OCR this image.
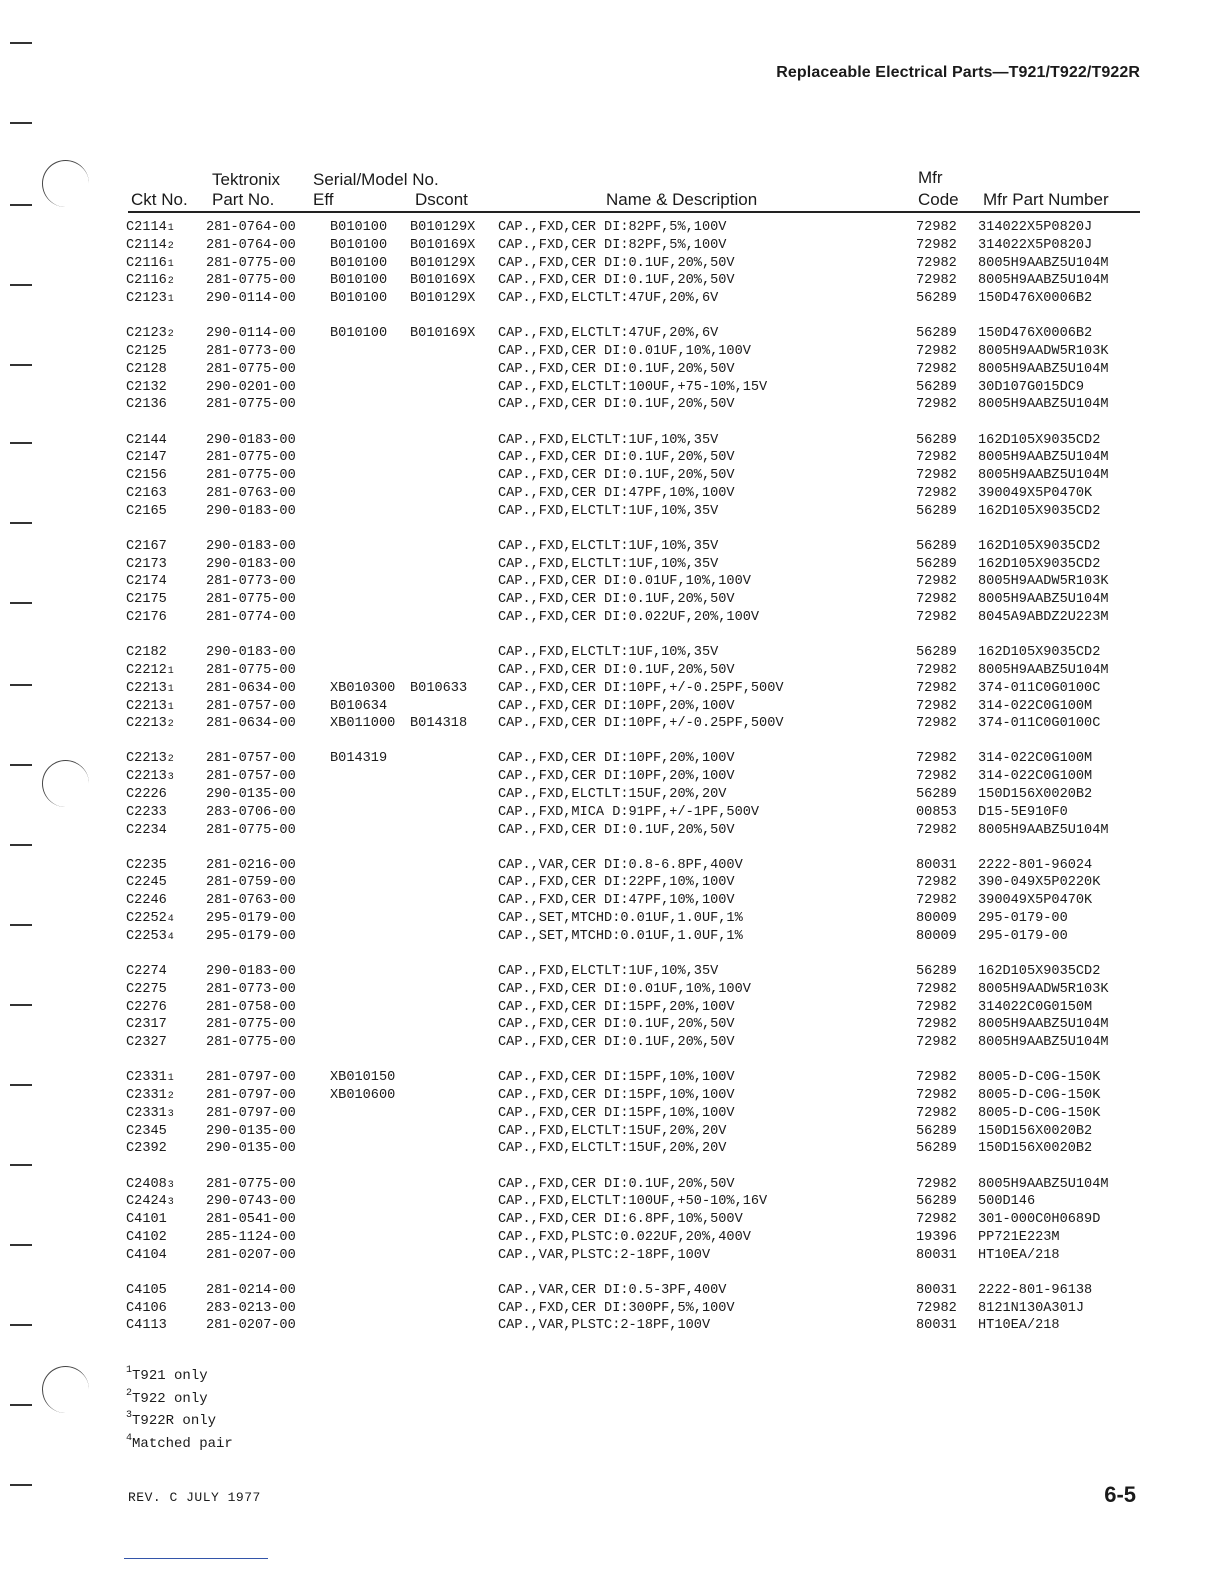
Replaceable Electrical Parts—T921/T922/T922R
Tektronix Serial/Model No.	Mfr
Ckt No. Part No. Eff	Dscont	Name & Description	Code Mfr Part Number
C21141 281-0764-00	B010100 B010129X CAP.,FXD,CER DI:82PF,5%,100V	72982 314022X5P0820J
C21142 281-0764-00	B010100 B010169X CAP.,FXD,CER DI:82PF,5%,100V	72982 314022X5P0820J
C21161 281-0775-00	B010100 B010129X CAP.,FXD,CER DI:0.1UF,20%,50V	72982 8005H9AABZ5U104M
C21162 281-0775-00	B010100 B010169X CAP.,FXD,CER DI:0.1UF,20%,50V	72982 8005H9AABZ5U104M
C21231 290-0114-00	B010100 B010129X CAP.,FXD,ELCTLT:47UF,20%,6V	56289 150D476X0006B2
C21232 290-0114-00	B010100 B010169X CAP.,FXD,ELCTLT:47UF,20%,6V	56289 150D476X0006B2
C2125	281-0773-00	CAP.,FXD,CER DI:0.01UF,10%,100V	72982 8005H9AADW5R103K
C2128	281-0775-00	CAP.,FXD,CER DI:0.1UF,20%,50V	72982 8005H9AABZ5U104M
C2132	290-0201-00	CAP.,FXD,ELCTLT:100UF,+75-10%,15V	56289 30D107G015DC9
C2136	281-0775-00	CAP.,FXD,CER DI:0.1UF,20%,50V	72982 8005H9AABZ5U104M
C2144	290-0183-00	CAP.,FXD,ELCTLT:1UF,10%,35V	56289 162D105X9035CD2
C2147	281-0775-00	CAP.,FXD,CER DI:0.1UF,20%,50V	72982 8005H9AABZ5U104M
C2156	281-0775-00	CAP.,FXD,CER DI:0.1UF,20%,50V	72982 8005H9AABZ5U104M
C2163	281-0763-00	CAP.,FXD,CER DI:47PF,10%,100V	72982 390049X5P0470K
C2165	290-0183-00	CAP.,FXD,ELCTLT:1UF,10%,35V	56289 162D105X9035CD2
C2167	290-0183-00	CAP.,FXD,ELCTLT:1UF,10%,35V	56289 162D105X9035CD2
C2173	290-0183-00	CAP.,FXD,ELCTLT:1UF,10%,35V	56289 162D105X9035CD2
C2174	281-0773-00	CAP.,FXD,CER DI:0.01UF,10%,100V	72982 8005H9AADW5R103K
C2175	281-0775-00	CAP.,FXD,CER DI:0.1UF,20%,50V	72982 8005H9AABZ5U104M
C2176	281-0774-00	CAP.,FXD,CER DI:0.022UF,20%,100V	72982 8045A9ABDZ2U223M
C2182	290-0183-00	CAP.,FXD,ELCTLT:1UF,10%,35V	56289 162D105X9035CD2
C22121 281-0775-00	CAP.,FXD,CER DI:0.1UF,20%,50V	72982 8005H9AABZ5U104M
C22131 281-0634-00	XB010300 B010633 CAP.,FXD,CER DI:10PF,+/-0.25PF,500V	72982 374-011C0G0100C
C22131 281-0757-00	B010634	CAP.,FXD,CER DI:10PF,20%,100V	72982 314-022C0G100M
C22132 281-0634-00	XB011000 B014318 CAP.,FXD,CER DI:10PF,+/-0.25PF,500V	72982 374-011C0G0100C
C22132 281-0757-00	B014319	CAP.,FXD,CER DI:10PF,20%,100V	72982 314-022C0G100M
C22133 281-0757-00	CAP.,FXD,CER DI:10PF,20%,100V	72982 314-022C0G100M
C2226	290-0135-00	CAP.,FXD,ELCTLT:15UF,20%,20V	56289 150D156X0020B2
C2233	283-0706-00	CAP.,FXD,MICA D:91PF,+/-1PF,500V	00853 D15-5E910F0
C2234	281-0775-00	CAP.,FXD,CER DI:0.1UF,20%,50V	72982 8005H9AABZ5U104M
C2235	281-0216-00	CAP.,VAR,CER DI:0.8-6.8PF,400V	80031 2222-801-96024
C2245	281-0759-00	CAP.,FXD,CER DI:22PF,10%,100V	72982 390-049X5P0220K
C2246	281-0763-00	CAP.,FXD,CER DI:47PF,10%,100V	72982 390049X5P0470K
C22524 295-0179-00	CAP.,SET,MTCHD:0.01UF,1.0UF,1%	80009 295-0179-00
C22534 295-0179-00	CAP.,SET,MTCHD:0.01UF,1.0UF,1%	80009 295-0179-00
C2274	290-0183-00	CAP.,FXD,ELCTLT:1UF,10%,35V	56289 162D105X9035CD2
C2275	281-0773-00	CAP.,FXD,CER DI:0.01UF,10%,100V	72982 8005H9AADW5R103K
C2276	281-0758-00	CAP.,FXD,CER DI:15PF,20%,100V	72982 314022C0G0150M
C2317	281-0775-00	CAP.,FXD,CER DI:0.1UF,20%,50V	72982 8005H9AABZ5U104M
C2327	281-0775-00	CAP.,FXD,CER DI:0.1UF,20%,50V	72982 8005H9AABZ5U104M
C23311 281-0797-00	XB010150	CAP.,FXD,CER DI:15PF,10%,100V	72982 8005-D-C0G-150K
C23312 281-0797-00	XB010600	CAP.,FXD,CER DI:15PF,10%,100V	72982 8005-D-C0G-150K
C23313 281-0797-00	CAP.,FXD,CER DI:15PF,10%,100V	72982 8005-D-C0G-150K
C2345	290-0135-00	CAP.,FXD,ELCTLT:15UF,20%,20V	56289 150D156X0020B2
C2392	290-0135-00	CAP.,FXD,ELCTLT:15UF,20%,20V	56289 150D156X0020B2
C24083 281-0775-00	CAP.,FXD,CER DI:0.1UF,20%,50V	72982 8005H9AABZ5U104M
C24243 290-0743-00	CAP.,FXD,ELCTLT:100UF,+50-10%,16V	56289 500D146
C4101	281-0541-00	CAP.,FXD,CER DI:6.8PF,10%,500V	72982 301-000C0H0689D
C4102	285-1124-00	CAP.,FXD,PLSTC:0.022UF,20%,400V	19396 PP721E223M
C4104	281-0207-00	CAP.,VAR,PLSTC:2-18PF,100V	80031 HT10EA/218
C4105	281-0214-00	CAP.,VAR,CER DI:0.5-3PF,400V	80031 2222-801-96138
C4106	283-0213-00	CAP.,FXD,CER DI:300PF,5%,100V	72982 8121N130A301J
C4113	281-0207-00	CAP.,VAR,PLSTC:2-18PF,100V	80031 HT10EA/218
$^1$T921 only
$^2$T922 only
$^3$T922R only
$^4$Matched pair
REV. C JULY 1977	6-5
